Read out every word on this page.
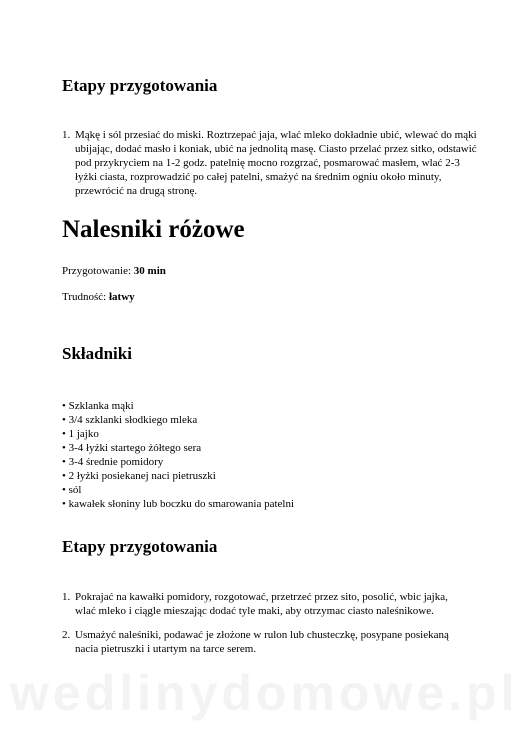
Etapy przygotowania
1. Mąkę i sól przesiać do miski. Roztrzepać jaja, wlać mleko dokładnie ubić, wlewać do mąki
ubijając, dodać masło i koniak, ubić na jednolitą masę. Ciasto przelać przez sitko, odstawić
pod przykryciem na 1-2 godz. patelnię mocno rozgrzać, posmarować masłem, wlać 2-3
łyżki ciasta, rozprowadzić po całej patelni, smażyć na średnim ogniu około minuty,
przewrócić na drugą stronę.
Nalesniki różowe
Przygotowanie: 30 min
Trudność: łatwy
Składniki
• Szklanka mąki
• 3/4 szklanki słodkiego mleka
• 1 jajko
• 3-4 łyżki startego żółtego sera
• 3-4 średnie pomidory
• 2 łyżki posiekanej naci pietruszki
• sól
• kawałek słoniny lub boczku do smarowania patelni
Etapy przygotowania
1. Pokrajać na kawałki pomidory, rozgotować, przetrzeć przez sito, posolić, wbic jajka,
wlać mleko i ciągle mieszając dodać tyle maki, aby otrzymac ciasto naleśnikowe.
2. Usmażyć naleśniki, podawać je złożone w rulon lub chusteczkę, posypane posiekaną
nacia pietruszki i utartym na tarce serem.
wedlinydomowe.pl
